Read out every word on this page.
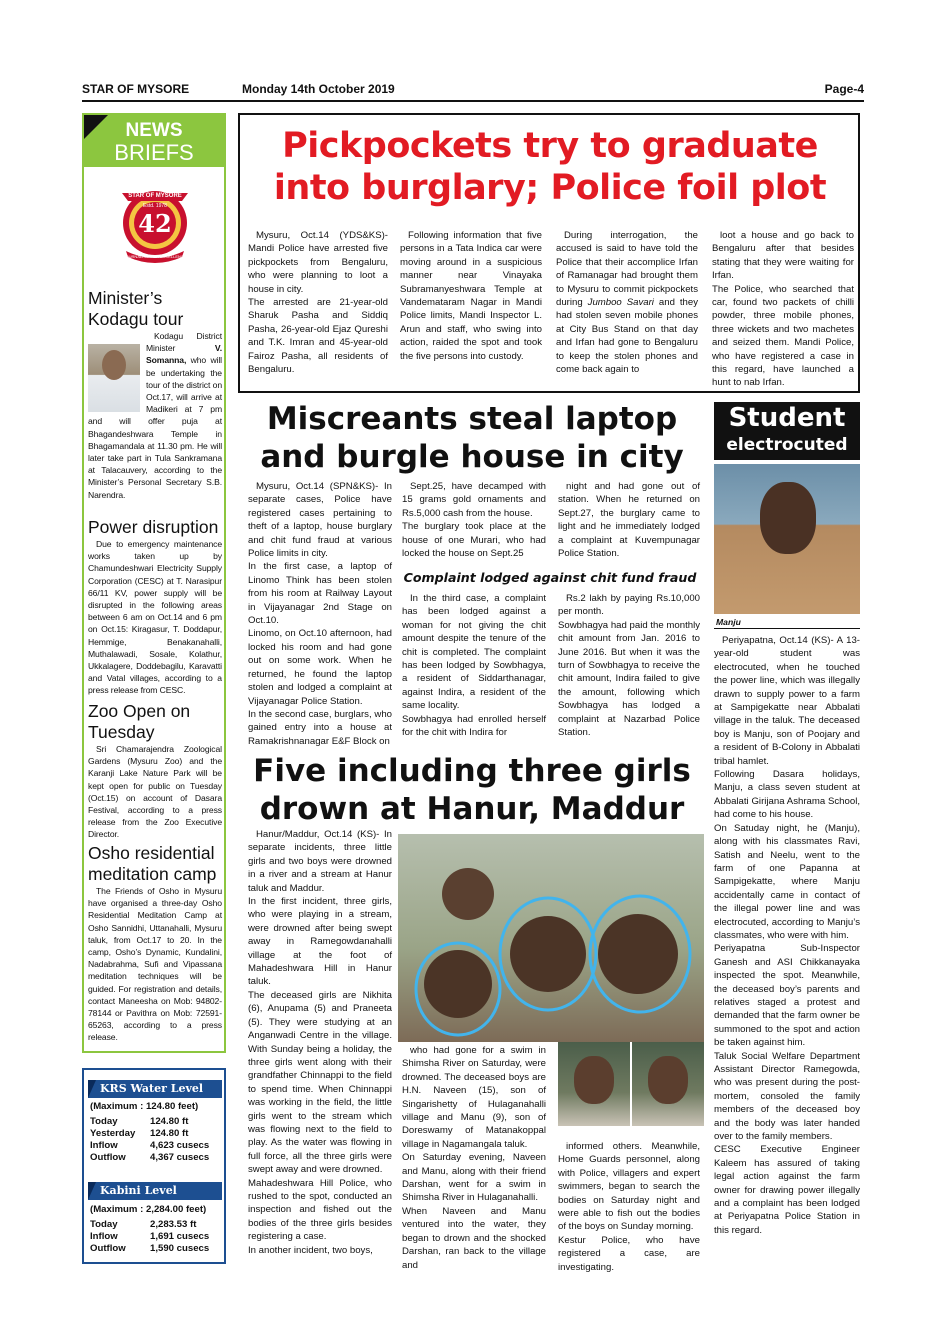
STAR OF MYSORE	Monday 14th October 2019	Page-4
NEWS
BRIEFS
42
STAR OF MYSORE
Estd. 1978
JOURNALISM FOR EXCELLENCE
Minister’s Kodagu tour
Kodagu District Minister	V. Somanna, who will be undertaking the tour of the district on Oct.17, will arrive at Madikeri at 7 pm and will offer puja at Bhagandeshwara Temple in Bhagamandala at 11.30 pm. He will later take part in Tula Sankramana at Talacauvery, according to the Minister’s Personal Secretary S.B. Narendra.
Power disruption
Due to emergency maintenance works taken up by Chamundeshwari Electricity Supply Corporation (CESC) at T. Narasipur 66/11 KV, power supply will be disrupted in the following areas between 6 am on Oct.14 and 6 pm on Oct.15: Kiragasur, T. Doddapur, Hemmige, Benakanahalli, Muthalawadi, Sosale, Kolathur, Ukkalagere, Doddebagilu, Karavatti and Vatal villages, according to a press release from CESC.
Zoo Open on Tuesday
Sri Chamarajendra Zoological Gardens (Mysuru Zoo) and the Karanji Lake Nature Park will be kept open for public on Tuesday (Oct.15) on account of Dasara Festival, according to a press release from the Zoo Executive Director.
Osho residential meditation camp
The Friends of Osho in Mysuru have organised a three-day Osho Residential Meditation Camp at Osho Sannidhi, Uttanahalli, Mysuru taluk, from Oct.17 to 20. In the camp, Osho’s Dynamic, Kundalini, Nadabrahma, Sufi and Vipassana meditation techniques will be guided. For registration and details, contact Maneesha on Mob: 94802-78144 or Pavithra on Mob: 72591-65263, according to a press release.
KRS Water Level
(Maximum : 124.80 feet)
Today	124.80 ft
Yesterday	124.80 ft
Inflow	4,623 cusecs
Outflow	4,367 cusecs
Kabini Level
(Maximum : 2,284.00 feet)
Today	2,283.53 ft
Inflow	1,691 cusecs
Outflow	1,590 cusecs
Pickpockets try to graduate into burglary; Police foil plot
Mysuru, Oct.14 (YDS&KS)- Mandi Police have arrested five pickpockets from Bengaluru, who were planning to loot a house in city.
The arrested are 21-year-old Sharuk Pasha and Siddiq Pasha, 26-year-old Ejaz Qureshi and T.K. Imran and 45-year-old Fairoz Pasha, all residents of Bengaluru.
Following information that five persons in a Tata Indica car were moving around in a suspicious manner near Vinayaka Subramanyeshwara Temple at Vandemataram Nagar in Mandi Police limits, Mandi Inspector L. Arun and staff, who swing into action, raided the spot and took the five persons into custody.
During interrogation, the accused is said to have told the Police that their accomplice Irfan of Ramanagar had brought them to Mysuru to commit pickpockets during Jumboo Savari and they had stolen seven mobile phones at City Bus Stand on that day and Irfan had gone to Bengaluru to keep the stolen phones and come back again to
loot a house and go back to Bengaluru after that besides stating that they were waiting for Irfan.
The Police, who searched that car, found two packets of chilli powder, three mobile phones, three wickets and two machetes and seized them. Mandi Police, who have registered a case in this regard, have launched a hunt to nab Irfan.
Miscreants steal laptop and burgle house in city
Mysuru, Oct.14 (SPN&KS)- In separate cases, Police have registered cases pertaining to theft of a laptop, house burglary and chit fund fraud at various Police limits in city.
In the first case, a laptop of Linomo Think has been stolen from his room at Railway Layout in Vijayanagar 2nd Stage on Oct.10.
Linomo, on Oct.10 afternoon, had locked his room and had gone out on some work. When he returned, he found the laptop stolen and lodged a complaint at Vijayanagar Police Station.
In the second case, burglars, who gained entry into a house at Ramakrishnanagar E&F Block on
Sept.25, have decamped with 15 grams gold ornaments and Rs.5,000 cash from the house.
The burglary took place at the house of one Murari, who had locked the house on Sept.25
night and had gone out of station. When he returned on Sept.27, the burglary came to light and he immediately lodged a complaint at Kuvempunagar Police Station.
Complaint lodged against chit fund fraud
In the third case, a complaint has been lodged against a woman for not giving the chit amount despite the tenure of the chit is completed. The complaint has been lodged by Sowbhagya, a resident of Siddarthanagar, against Indira, a resident of the same locality.
Sowbhagya had enrolled herself for the chit with Indira for
Rs.2 lakh by paying Rs.10,000 per month.
Sowbhagya had paid the monthly chit amount from Jan. 2016 to June 2016. But when it was the turn of Sowbhagya to receive the chit amount, Indira failed to give the amount, following which Sowbhagya has lodged a complaint at Nazarbad Police Station.
Student
electrocuted
Manju
Periyapatna, Oct.14 (KS)- A 13-year-old student was electrocuted, when he touched the power line, which was illegally drawn to supply power to a farm at Sampigekatte near Abbalati village in the taluk. The deceased boy is Manju, son of Poojary and a resident of B-Colony in Abbalati tribal hamlet.
Following Dasara holidays, Manju, a class seven student at Abbalati Girijana Ashrama School, had come to his house.
On Satuday night, he (Manju), along with his classmates Ravi, Satish and Neelu, went to the farm of one Papanna at Sampigekatte, where Manju accidentally came in contact of the illegal power line and was electrocuted, according to Manju’s classmates, who were with him.
Periyapatna Sub-Inspector Ganesh and ASI Chikkanayaka inspected the spot. Meanwhile, the deceased boy’s parents and relatives staged a protest and demanded that the farm owner be summoned to the spot and action be taken against him.
Taluk Social Welfare Department Assistant Director Ramegowda, who was present during the post-mortem, consoled the family members of the deceased boy and the body was later handed over to the family members.
CESC Executive Engineer Kaleem has assured of taking legal action against the farm owner for drawing power illegally and a complaint has been lodged at Periyapatna Police Station in this regard.
Five including three girls drown at Hanur, Maddur
Hanur/Maddur, Oct.14 (KS)- In separate incidents, three little girls and two boys were drowned in a river and a stream at Hanur taluk and Maddur.
In the first incident, three girls, who were playing in a stream, were drowned after being swept away in Ramegowdanahalli village at the foot of Mahadeshwara Hill in Hanur taluk.
The deceased girls are Nikhita (6), Anupama (5) and Praneeta (5). They were studying at an Anganwadi Centre in the village. With Sunday being a holiday, the three girls went along with their grandfather Chinnappi to the field to spend time. When Chinnappi was working in the field, the little girls went to the stream which was flowing next to the field to play. As the water was flowing in full force, all the three girls were swept away and were drowned.
Mahadeshwara Hill Police, who rushed to the spot, conducted an inspection and fished out the bodies of the three girls besides registering a case.
In another incident, two boys,
who had gone for a swim in Shimsha River on Saturday, were drowned. The deceased boys are H.N. Naveen (15), son of Singarishetty of Hulaganahalli village and Manu (9), son of Doreswamy of Matanakoppal village in Nagamangala taluk.
On Saturday evening, Naveen and Manu, along with their friend Darshan, went for a swim in Shimsha River in Hulaganahalli.
When Naveen and Manu ventured into the water, they began to drown and the shocked Darshan, ran back to the village and
informed others. Meanwhile, Home Guards personnel, along with Police, villagers and expert swimmers, began to search the bodies on Saturday night and were able to fish out the bodies of the boys on Sunday morning.
Kestur Police, who have registered a case, are investigating.
